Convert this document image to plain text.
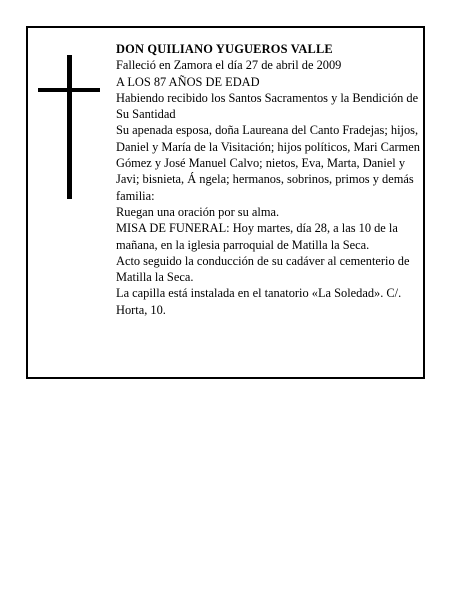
DON QUILIANO YUGUEROS VALLE

Falleció en Zamora el día 27 de abril de 2009

A LOS 87 AÑOS DE EDAD

Habiendo recibido los Santos Sacramentos y la Bendición de Su Santidad

Su apenada esposa, doña Laureana del Canto Fradejas; hijos, Daniel y María de la Visitación; hijos políticos, Mari Carmen Gómez y José Manuel Calvo; nietos, Eva, Marta, Daniel y Javi; bisnieta, Á ngela; hermanos, sobrinos, primos y demás familia:

Ruegan una oración por su alma.

MISA DE FUNERAL: Hoy martes, día 28, a las 10 de la mañana, en la iglesia parroquial de Matilla la Seca.

Acto seguido la conducción de su cadáver al cementerio de Matilla la Seca.

La capilla está instalada en el tanatorio «La Soledad». C/. Horta, 10.
